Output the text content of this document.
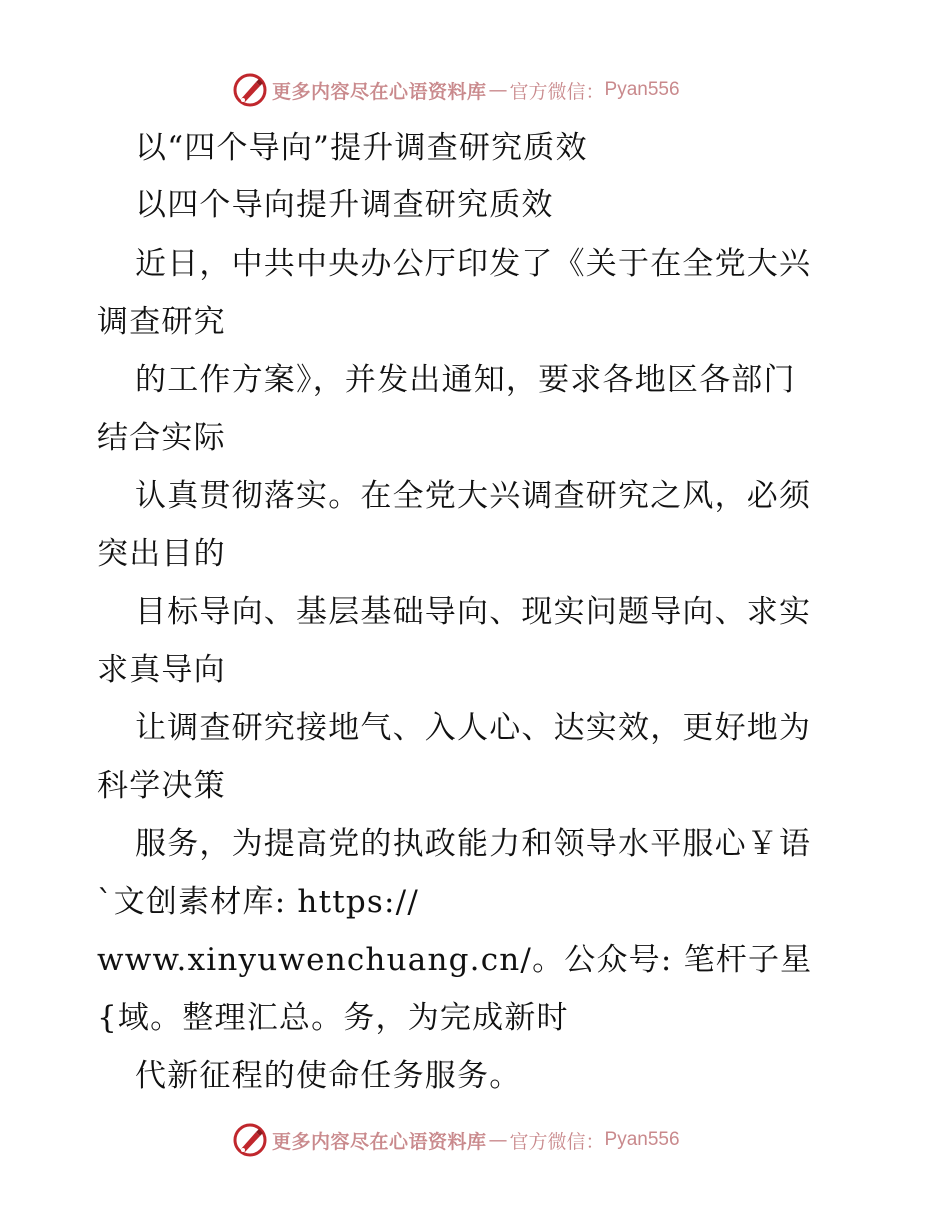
更多内容尽在心语资料库 — 官方微信： Pyan556
以“四个导向”提升调查研究质效
以四个导向提升调查研究质效
近日，中共中央办公厅印发了《关于在全党大兴
调查研究
的工作方案》，并发出通知，要求各地区各部门
结合实际
认真贯彻落实。在全党大兴调查研究之风，必须
突出目的
目标导向、基层基础导向、现实问题导向、求实
求真导向
让调查研究接地气、入人心、达实效，更好地为
科学决策
服务，为提高党的执政能力和领导水平服心￥语
`文创素材库: https://
www.xinyuwenchuang.cn/。公众号: 笔杆子星
{域。整理汇总。务，为完成新时
代新征程的使命任务服务。
更多内容尽在心语资料库 — 官方微信： Pyan556
